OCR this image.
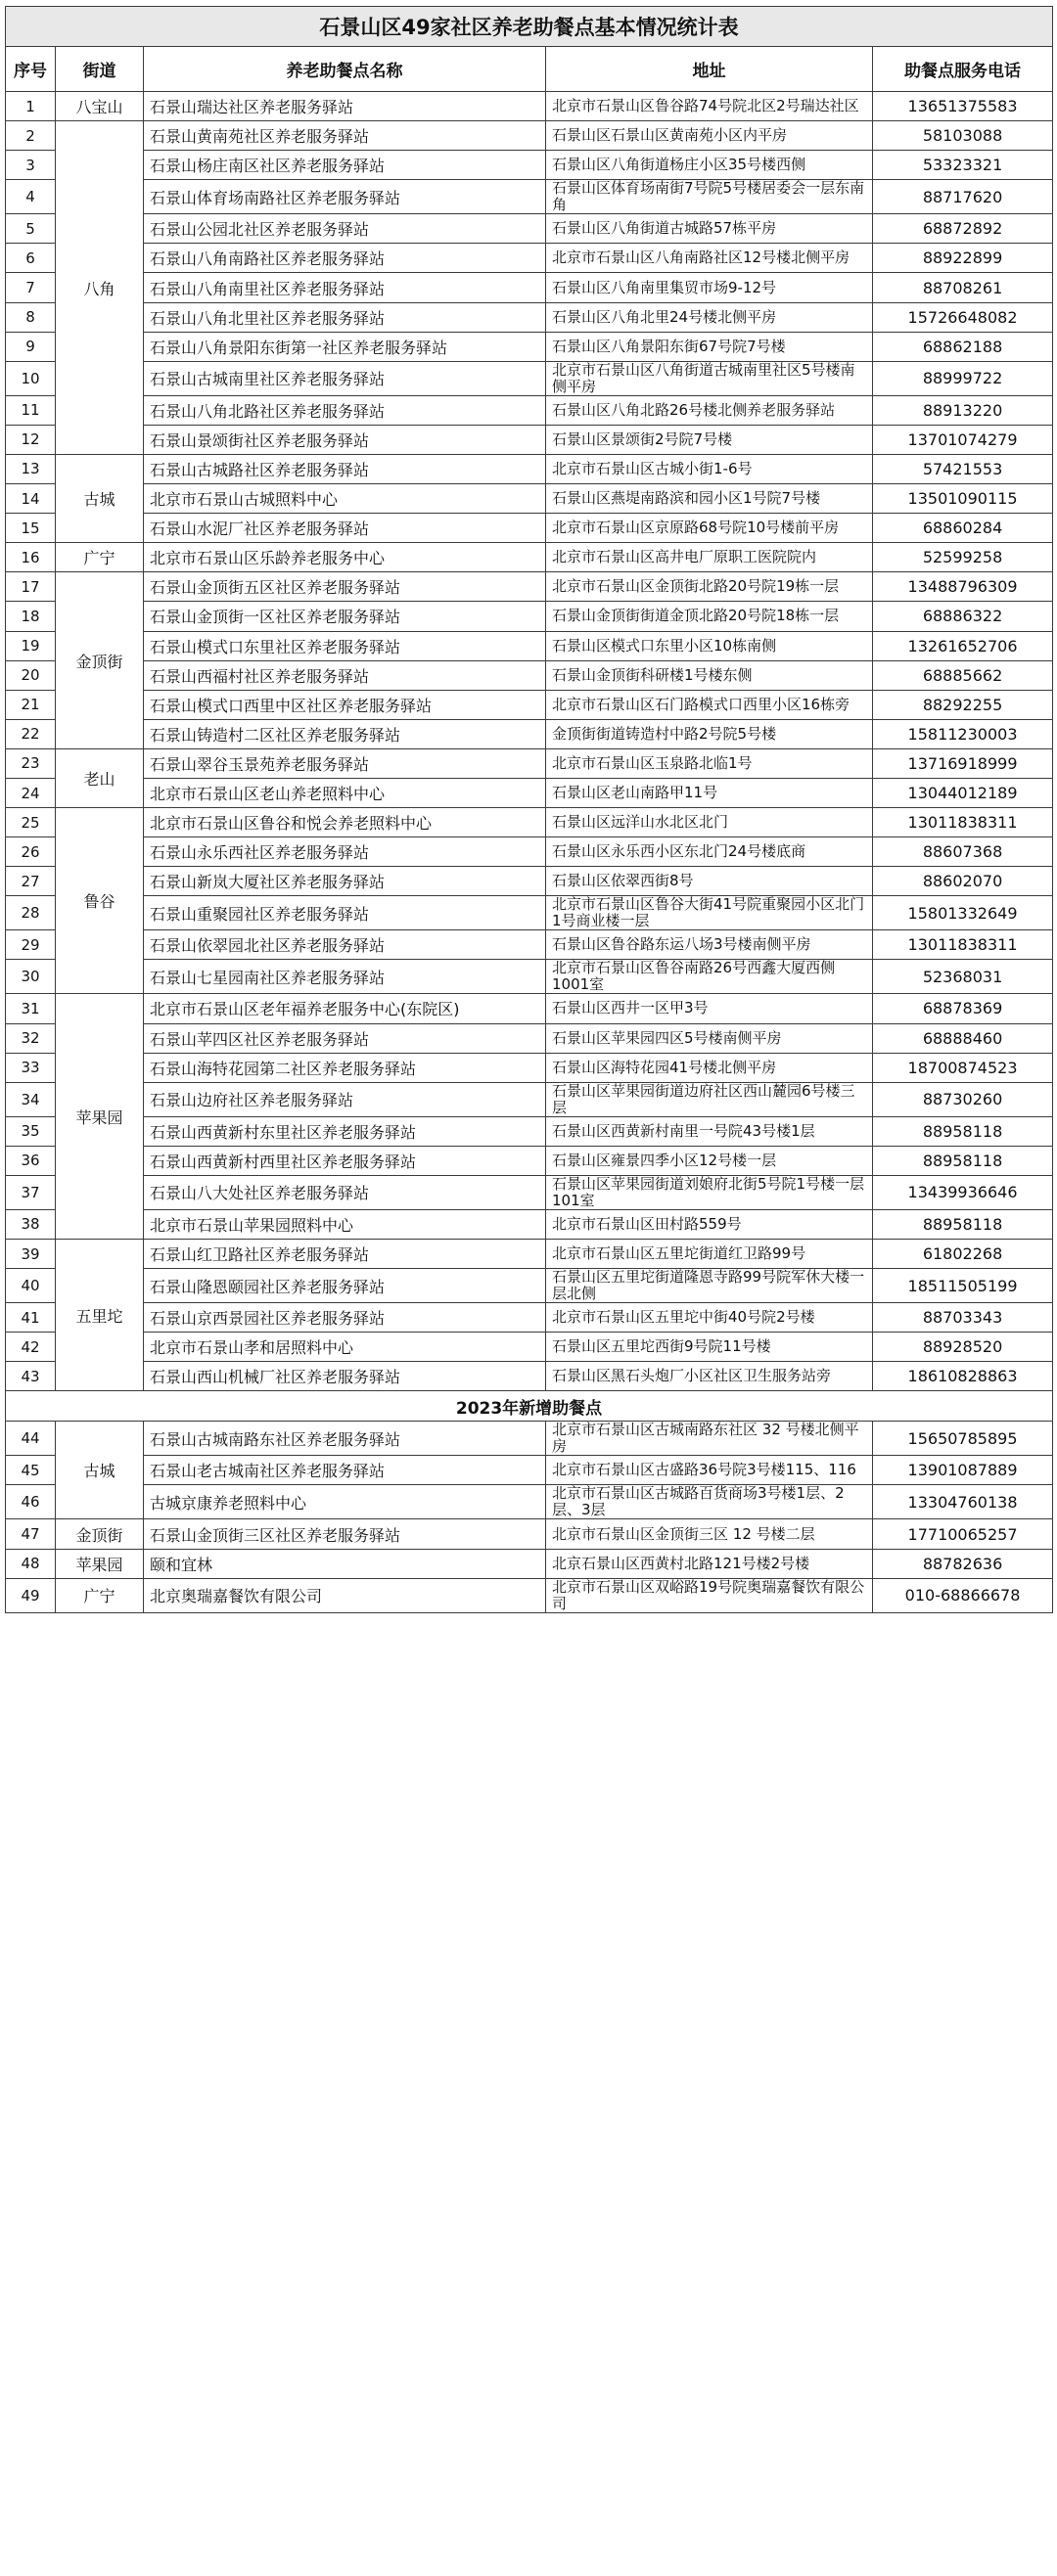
石景山区49家社区养老助餐点基本情况统计表				
序号	街道	养老助餐点名称	地址	助餐点服务电话
1	八宝山	石景山瑞达社区养老服务驿站	北京市石景山区鲁谷路74号院北区2号瑞达社区	13651375583
2	八角	石景山黄南苑社区养老服务驿站	石景山区石景山区黄南苑小区内平房	58103088
3		石景山杨庄南区社区养老服务驿站	石景山区八角街道杨庄小区35号楼西侧	53323321
4		石景山体育场南路社区养老服务驿站	石景山区体育场南街7号院5号楼居委会一层东南角	88717620
5		石景山公园北社区养老服务驿站	石景山区八角街道古城路57栋平房	68872892
6		石景山八角南路社区养老服务驿站	北京市石景山区八角南路社区12号楼北侧平房	88922899
7		石景山八角南里社区养老服务驿站	石景山区八角南里集贸市场9-12号	88708261
8		石景山八角北里社区养老服务驿站	石景山区八角北里24号楼北侧平房	15726648082
9		石景山八角景阳东街第一社区养老服务驿站	石景山区八角景阳东街67号院7号楼	68862188
10		石景山古城南里社区养老服务驿站	北京市石景山区八角街道古城南里社区5号楼南侧平房	88999722
11		石景山八角北路社区养老服务驿站	石景山区八角北路26号楼北侧养老服务驿站	88913220
12		石景山景颂街社区养老服务驿站	石景山区景颂街2号院7号楼	13701074279
13	古城	石景山古城路社区养老服务驿站	北京市石景山区古城小街1-6号	57421553
14		北京市石景山古城照料中心	石景山区燕堤南路滨和园小区1号院7号楼	13501090115
15		石景山水泥厂社区养老服务驿站	北京市石景山区京原路68号院10号楼前平房	68860284
16	广宁	北京市石景山区乐龄养老服务中心	北京市石景山区高井电厂原职工医院院内	52599258
17	金顶街	石景山金顶街五区社区养老服务驿站	北京市石景山区金顶街北路20号院19栋一层	13488796309
18		石景山金顶街一区社区养老服务驿站	石景山金顶街街道金顶北路20号院18栋一层	68886322
19		石景山模式口东里社区养老服务驿站	石景山区模式口东里小区10栋南侧	13261652706
20		石景山西福村社区养老服务驿站	石景山金顶街科研楼1号楼东侧	68885662
21		石景山模式口西里中区社区养老服务驿站	北京市石景山区石门路模式口西里小区16栋旁	88292255
22		石景山铸造村二区社区养老服务驿站	金顶街街道铸造村中路2号院5号楼	15811230003
23	老山	石景山翠谷玉景苑养老服务驿站	北京市石景山区玉泉路北临1号	13716918999
24		北京市石景山区老山养老照料中心	石景山区老山南路甲11号	13044012189
25	鲁谷	北京市石景山区鲁谷和悦会养老照料中心	石景山区远洋山水北区北门	13011838311
26		石景山永乐西社区养老服务驿站	石景山区永乐西小区东北门24号楼底商	88607368
27		石景山新岚大厦社区养老服务驿站	石景山区依翠西街8号	88602070
28		石景山重聚园社区养老服务驿站	北京市石景山区鲁谷大街41号院重聚园小区北门1号商业楼一层	15801332649
29		石景山依翠园北社区养老服务驿站	石景山区鲁谷路东运八场3号楼南侧平房	13011838311
30		石景山七星园南社区养老服务驿站	北京市石景山区鲁谷南路26号西鑫大厦西侧1001室	52368031
31	苹果园	北京市石景山区老年福养老服务中心(东院区)	石景山区西井一区甲3号	68878369
32		石景山苹四区社区养老服务驿站	石景山区苹果园四区5号楼南侧平房	68888460
33		石景山海特花园第二社区养老服务驿站	石景山区海特花园41号楼北侧平房	18700874523
34		石景山边府社区养老服务驿站	石景山区苹果园街道边府社区西山麓园6号楼三层	88730260
35		石景山西黄新村东里社区养老服务驿站	石景山区西黄新村南里一号院43号楼1层	88958118
36		石景山西黄新村西里社区养老服务驿站	石景山区雍景四季小区12号楼一层	88958118
37		石景山八大处社区养老服务驿站	石景山区苹果园街道刘娘府北街5号院1号楼一层101室	13439936646
38		北京市石景山苹果园照料中心	北京市石景山区田村路559号	88958118
39	五里坨	石景山红卫路社区养老服务驿站	北京市石景山区五里坨街道红卫路99号	61802268
40		石景山隆恩颐园社区养老服务驿站	石景山区五里坨街道隆恩寺路99号院军休大楼一层北侧	18511505199
41		石景山京西景园社区养老服务驿站	北京市石景山区五里坨中街40号院2号楼	88703343
42		北京市石景山孝和居照料中心	石景山区五里坨西街9号院11号楼	88928520
43		石景山西山机械厂社区养老服务驿站	石景山区黑石头炮厂小区社区卫生服务站旁	18610828863
2023年新增助餐点				
44	古城	石景山古城南路东社区养老服务驿站	北京市石景山区古城南路东社区 32 号楼北侧平房	15650785895
45		石景山老古城南社区养老服务驿站	北京市石景山区古盛路36号院3号楼115、116	13901087889
46		古城京康养老照料中心	北京市石景山区古城路百货商场3号楼1层、2层、3层	13304760138
47	金顶街	石景山金顶街三区社区养老服务驿站	北京市石景山区金顶街三区 12 号楼二层	17710065257
48	苹果园	颐和宜林	北京石景山区西黄村北路121号楼2号楼	88782636
49	广宁	北京奥瑞嘉餐饮有限公司	北京市石景山区双峪路19号院奥瑞嘉餐饮有限公司	010-68866678
